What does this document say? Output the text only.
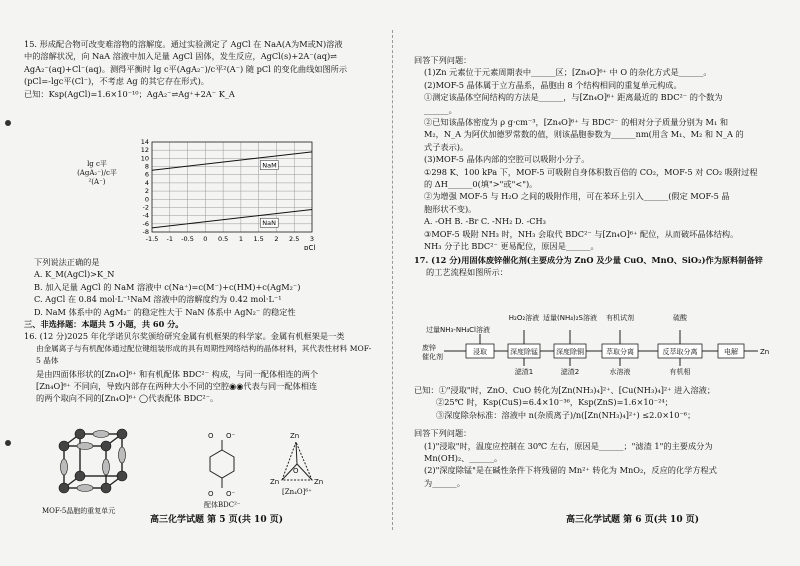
15. 形成配合物可改变难溶物的溶解度。通过实验测定了 AgCl 在 NaA(A为M或N)溶液

中的溶解状况，向 NaA 溶液中加入足量 AgCl 固体，发生反应，AgCl(s)+2A⁻(aq)⇌

AgA₂⁻(aq)+Cl⁻(aq)。测得平衡时 lg c平(AgA₂⁻)/c平²(A⁻) 随 pCl 的变化曲线如图所示

(pCl=-lgc平(Cl⁻)，不考虑 Ag 的其它存在形式)。

已知：Ksp(AgCl)=1.6×10⁻¹⁰；AgA₂⁻⇌Ag⁺+2A⁻ K_A

下列说法正确的是

A. K_M(AgCl)>K_N

B. 加入足量 AgCl 的 NaM 溶液中 c(Na⁺)=c(M⁻)+c(HM)+c(AgM₂⁻)

C. AgCl 在 0.84 mol·L⁻¹NaM 溶液中的溶解度约为 0.42 mol·L⁻¹

D. NaM 体系中的 AgM₂⁻ 的稳定性大于 NaN 体系中 AgN₂⁻ 的稳定性

三、非选择题：本题共 5 小题，共 60 分。

16. (12 分)2025 年化学诺贝尔奖颁给研究金属有机框架的科学家。金属有机框架是一类

由金属离子与有机配体通过配位键组装形成的具有周期性网络结构的晶体材料，其代表性材料 MOF-5 晶体

是由四面体形状的[Zn₄O]⁶⁺ 和有机配体 BDC²⁻ 构成，与同一配体相连的两个

[Zn₄O]⁶⁺ 不同向，导致内部存在两种大小不同的空腔◉◉代表与同一配体相连

的两个取向不同的[Zn₄O]⁶⁺ ◯代表配体 BDC²⁻。

-1.5 -1 -0.5 0 0.5 1 1.5 2 2.5 3
14
12
10
8
6
4
2
0
-2
-4
-6
-8
NaM
NaN
pCl
lg c平(AgA₂⁻)/c平²(A⁻)
O⁻
O
O⁻
O
Zn
Zn	Zn
O
MOF-5晶胞的重复单元
配体BDC²⁻
[Zn₄O]⁶⁺
高三化学试题 第 5 页(共 10 页)

回答下列问题：

(1)Zn 元素位于元素周期表中______区；[Zn₄O]⁶⁺ 中 O 的杂化方式是______。

(2)MOF-5 晶体属于立方晶系，晶胞由 8 个结构相同的重复单元构成。

①测定该晶体空间结构的方法是______，与[Zn₄O]⁶⁺ 距离最近的 BDC²⁻ 的个数为

______。

②已知该晶体密度为 ρ g·cm⁻³，[Zn₄O]⁶⁺ 与 BDC²⁻ 的相对分子质量分别为 M₁ 和

M₂，N_A 为阿伏加德罗常数的值，则该晶胞参数为______nm(用含 M₁、M₂ 和 N_A 的

式子表示)。

(3)MOF-5 晶体内部的空腔可以吸附小分子。

①298 K、100 kPa 下，MOF-5 可吸附自身体积数百倍的 CO₂，MOF-5 对 CO₂ 吸附过程

的 ΔH______0(填">"或"<")。

②为增强 MOF-5 与 H₂O 之间的吸附作用，可在苯环上引入______(假定 MOF-5 晶

胞形状不变)。

A. -OH B. -Br C. -NH₂ D. -CH₃

③MOF-5 吸附 NH₃ 时，NH₃ 会取代 BDC²⁻ 与[Zn₄O]⁶⁺ 配位，从而破坏晶体结构。

NH₃ 分子比 BDC²⁻ 更易配位，原因是______。

17. (12 分)用固体废锌催化剂(主要成分为 ZnO 及少量 CuO、MnO、SiO₂)作为原料制备锌

的工艺流程如图所示：

废锌
催化剂
过量NH₃-NH₄Cl溶液
浸取	深度除锰	深度除铜	萃取分离	反萃取分离	电解	Zn
H₂O₂溶液 适量(NH₄)₂S溶液 有机试剂	硫酸
滤渣1	滤渣2	水溶液	有机相

已知：①"浸取"时，ZnO、CuO 转化为[Zn(NH₃)₄]²⁺、[Cu(NH₃)₄]²⁺ 进入溶液；

②25℃ 时，Ksp(CuS)=6.4×10⁻³⁶，Ksp(ZnS)=1.6×10⁻²⁴；

③深度除杂标准：溶液中 n(杂质离子)/n([Zn(NH₃)₄]²⁺) ≤2.0×10⁻⁶；

回答下列问题：

(1)"浸取"时，温度应控制在 30℃ 左右，原因是______；"滤渣 1"的主要成分为

Mn(OH)₂、______。

(2)"深度除锰"是在碱性条件下将残留的 Mn²⁺ 转化为 MnO₂，反应的化学方程式

为______。

高三化学试题 第 6 页(共 10 页)
